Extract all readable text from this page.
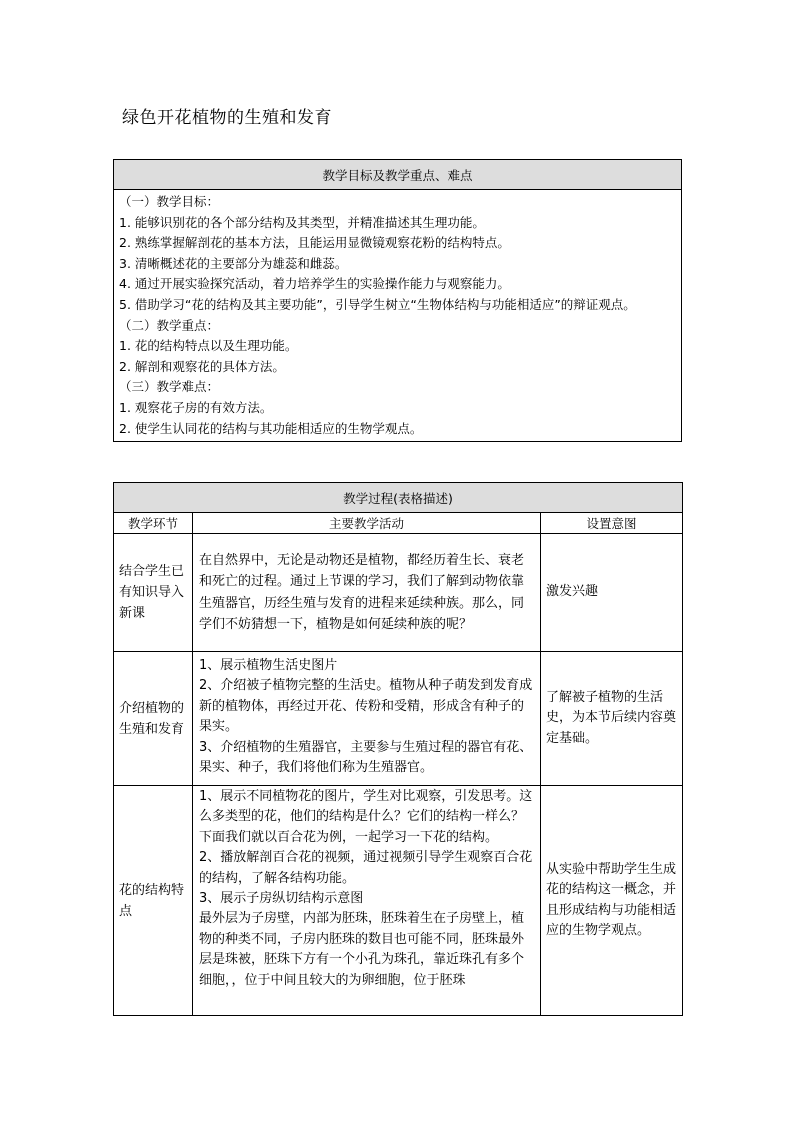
绿色开花植物的生殖和发育
教学目标及教学重点、难点

（一）教学目标：
1. 能够识别花的各个部分结构及其类型，并精准描述其生理功能。
2. 熟练掌握解剖花的基本方法，且能运用显微镜观察花粉的结构特点。
3. 清晰概述花的主要部分为雄蕊和雌蕊。
4. 通过开展实验探究活动，着力培养学生的实验操作能力与观察能力。
5. 借助学习“花的结构及其主要功能”，引导学生树立“生物体结构与功能相适应”的辩证观点。
（二）教学重点：
1. 花的结构特点以及生理功能。
2. 解剖和观察花的具体方法。
（三）教学难点：
1. 观察花子房的有效方法。
2. 使学生认同花的结构与其功能相适应的生物学观点。
教学过程(表格描述)		
教学环节	主要教学活动	设置意图
结合学生已有知识导入新课	在自然界中，无论是动物还是植物，都经历着生长、衰老和死亡的过程。通过上节课的学习，我们了解到动物依靠生殖器官，历经生殖与发育的进程来延续种族。那么，同学们不妨猜想一下，植物是如何延续种族的呢？	激发兴趣
介绍植物的生殖和发育	1、展示植物生活史图片
2、介绍被子植物完整的生活史。植物从种子萌发到发育成新的植物体，再经过开花、传粉和受精，形成含有种子的果实。
3、介绍植物的生殖器官，主要参与生殖过程的器官有花、果实、种子，我们将他们称为生殖器官。	了解被子植物的生活史，为本节后续内容奠定基础。
花的结构特点	1、展示不同植物花的图片，学生对比观察，引发思考。这么多类型的花，他们的结构是什么？它们的结构一样么？下面我们就以百合花为例，一起学习一下花的结构。
2、播放解剖百合花的视频，通过视频引导学生观察百合花的结构，了解各结构功能。
3、展示子房纵切结构示意图
最外层为子房壁，内部为胚珠，胚珠着生在子房壁上，植物的种类不同，子房内胚珠的数目也可能不同，胚珠最外层是珠被，胚珠下方有一个小孔为珠孔，靠近珠孔有多个细胞，，位于中间且较大的为卵细胞，位于胚珠	从实验中帮助学生生成花的结构这一概念，并且形成结构与功能相适应的生物学观点。
